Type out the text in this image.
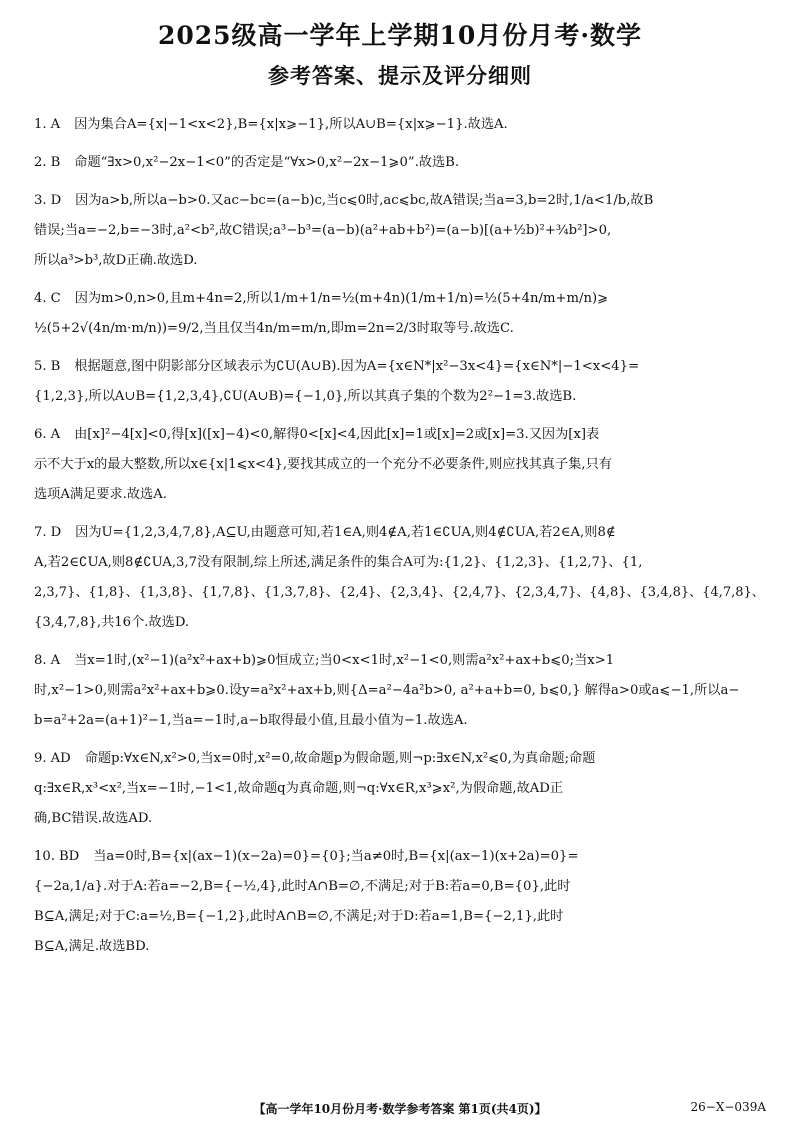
2025级高一学年上学期10月份月考·数学
参考答案、提示及评分细则

1. A 因为集合A={x|−1<x<2},B={x|x⩾−1},所以A∪B={x|x⩾−1}.故选A.

2. B 命题“∃x>0,x²−2x−1<0”的否定是“∀x>0,x²−2x−1⩾0”.故选B.

3. D 因为a>b,所以a−b>0.又ac−bc=(a−b)c,当c⩽0时,ac⩽bc,故A错误;当a=3,b=2时,1/a<1/b,故B

错误;当a=−2,b=−3时,a²<b²,故C错误;a³−b³=(a−b)(a²+ab+b²)=(a−b)[(a+½b)²+¾b²]>0,

所以a³>b³,故D正确.故选D.

4. C 因为m>0,n>0,且m+4n=2,所以1/m+1/n=½(m+4n)(1/m+1/n)=½(5+4n/m+m/n)⩾

½(5+2√(4n/m·m/n))=9/2,当且仅当4n/m=m/n,即m=2n=2/3时取等号.故选C.

5. B 根据题意,图中阴影部分区域表示为∁U(A∪B).因为A={x∈N*|x²−3x<4}={x∈N*|−1<x<4}=

{1,2,3},所以A∪B={1,2,3,4},∁U(A∪B)={−1,0},所以其真子集的个数为2²−1=3.故选B.

6. A 由[x]²−4[x]<0,得[x]([x]−4)<0,解得0<[x]<4,因此[x]=1或[x]=2或[x]=3.又因为[x]表

示不大于x的最大整数,所以x∈{x|1⩽x<4},要找其成立的一个充分不必要条件,则应找其真子集,只有

选项A满足要求.故选A.

7. D 因为U={1,2,3,4,7,8},A⊆U,由题意可知,若1∈A,则4∉A,若1∈∁UA,则4∉∁UA,若2∈A,则8∉

A,若2∈∁UA,则8∉∁UA,3,7没有限制,综上所述,满足条件的集合A可为:{1,2}、{1,2,3}、{1,2,7}、{1,

2,3,7}、{1,8}、{1,3,8}、{1,7,8}、{1,3,7,8}、{2,4}、{2,3,4}、{2,4,7}、{2,3,4,7}、{4,8}、{3,4,8}、{4,7,8}、

{3,4,7,8},共16个.故选D.

8. A 当x=1时,(x²−1)(a²x²+ax+b)⩾0恒成立;当0<x<1时,x²−1<0,则需a²x²+ax+b⩽0;当x>1

时,x²−1>0,则需a²x²+ax+b⩾0.设y=a²x²+ax+b,则{Δ=a²−4a²b>0, a²+a+b=0, b⩽0,} 解得a>0或a⩽−1,所以a−

b=a²+2a=(a+1)²−1,当a=−1时,a−b取得最小值,且最小值为−1.故选A.

9. AD 命题p:∀x∈N,x²>0,当x=0时,x²=0,故命题p为假命题,则¬p:∃x∈N,x²⩽0,为真命题;命题

q:∃x∈R,x³<x²,当x=−1时,−1<1,故命题q为真命题,则¬q:∀x∈R,x³⩾x²,为假命题,故AD正

确,BC错误.故选AD.

10. BD 当a=0时,B={x|(ax−1)(x−2a)=0}={0};当a≠0时,B={x|(ax−1)(x+2a)=0}=

{−2a,1/a}.对于A:若a=−2,B={−½,4},此时A∩B=∅,不满足;对于B:若a=0,B={0},此时

B⊆A,满足;对于C:a=½,B={−1,2},此时A∩B=∅,不满足;对于D:若a=1,B={−2,1},此时

B⊆A,满足.故选BD.

【高一学年10月份月考·数学参考答案 第1页(共4页)】	26−X−039A
